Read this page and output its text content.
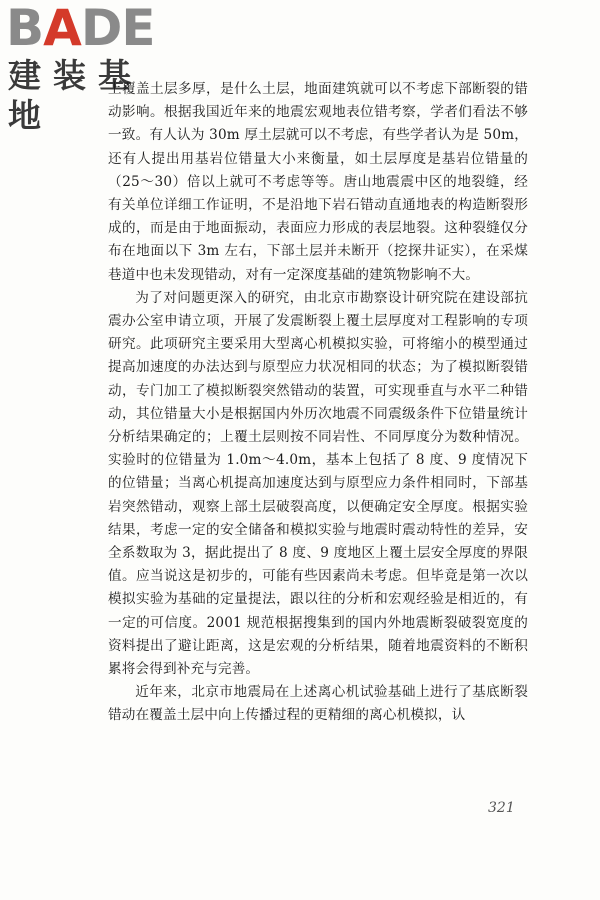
BADE
建装基地

上覆盖土层多厚，是什么土层，地面建筑就可以不考虑下部断裂的错动影响。根据我国近年来的地震宏观地表位错考察，学者们看法不够一致。有人认为 30m 厚土层就可以不考虑，有些学者认为是 50m，还有人提出用基岩位错量大小来衡量，如土层厚度是基岩位错量的（25～30）倍以上就可不考虑等等。唐山地震震中区的地裂缝，经有关单位详细工作证明，不是沿地下岩石错动直通地表的构造断裂形成的，而是由于地面振动，表面应力形成的表层地裂。这种裂缝仅分布在地面以下 3m 左右，下部土层并未断开（挖探井证实），在采煤巷道中也未发现错动，对有一定深度基础的建筑物影响不大。

为了对问题更深入的研究，由北京市勘察设计研究院在建设部抗震办公室申请立项，开展了发震断裂上覆土层厚度对工程影响的专项研究。此项研究主要采用大型离心机模拟实验，可将缩小的模型通过提高加速度的办法达到与原型应力状况相同的状态；为了模拟断裂错动，专门加工了模拟断裂突然错动的装置，可实现垂直与水平二种错动，其位错量大小是根据国内外历次地震不同震级条件下位错量统计分析结果确定的；上覆土层则按不同岩性、不同厚度分为数种情况。实验时的位错量为 1.0m～4.0m，基本上包括了 8 度、9 度情况下的位错量；当离心机提高加速度达到与原型应力条件相同时，下部基岩突然错动，观察上部土层破裂高度，以便确定安全厚度。根据实验结果，考虑一定的安全储备和模拟实验与地震时震动特性的差异，安全系数取为 3，据此提出了 8 度、9 度地区上覆土层安全厚度的界限值。应当说这是初步的，可能有些因素尚未考虑。但毕竟是第一次以模拟实验为基础的定量提法，跟以往的分析和宏观经验是相近的，有一定的可信度。2001 规范根据搜集到的国内外地震断裂破裂宽度的资料提出了避让距离，这是宏观的分析结果，随着地震资料的不断积累将会得到补充与完善。

近年来，北京市地震局在上述离心机试验基础上进行了基底断裂错动在覆盖土层中向上传播过程的更精细的离心机模拟，认

321
